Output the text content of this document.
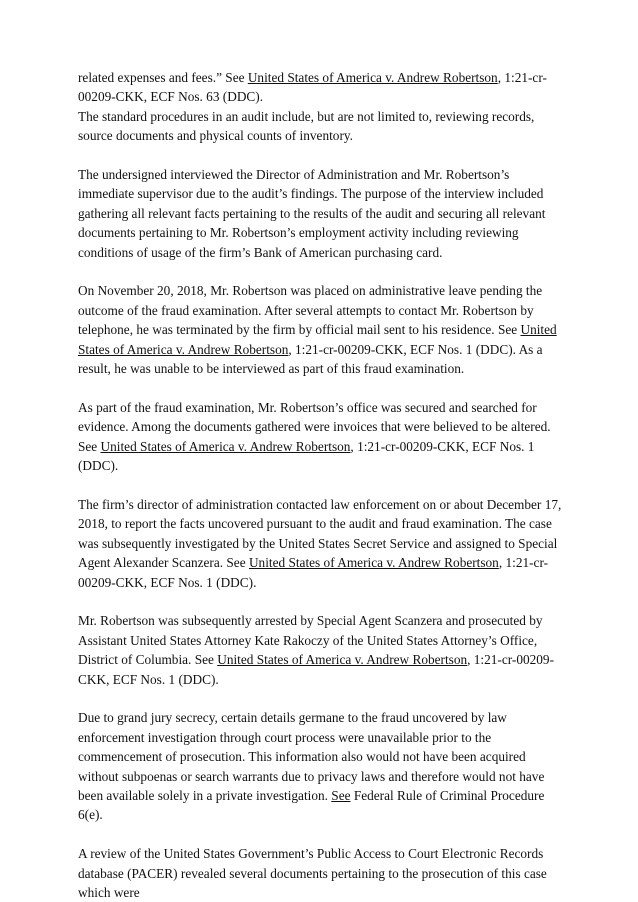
related expenses and fees.” See United States of America v. Andrew Robertson, 1:21-cr-00209-CKK, ECF Nos. 63 (DDC).

The standard procedures in an audit include, but are not limited to, reviewing records, source documents and physical counts of inventory.

The undersigned interviewed the Director of Administration and Mr. Robertson’s immediate supervisor due to the audit’s findings. The purpose of the interview included gathering all relevant facts pertaining to the results of the audit and securing all relevant documents pertaining to Mr. Robertson’s employment activity including reviewing conditions of usage of the firm’s Bank of American purchasing card.

On November 20, 2018, Mr. Robertson was placed on administrative leave pending the outcome of the fraud examination. After several attempts to contact Mr. Robertson by telephone, he was terminated by the firm by official mail sent to his residence. See United States of America v. Andrew Robertson, 1:21-cr-00209-CKK, ECF Nos. 1 (DDC). As a result, he was unable to be interviewed as part of this fraud examination.

As part of the fraud examination, Mr. Robertson’s office was secured and searched for evidence. Among the documents gathered were invoices that were believed to be altered. See United States of America v. Andrew Robertson, 1:21-cr-00209-CKK, ECF Nos. 1 (DDC).

The firm’s director of administration contacted law enforcement on or about December 17, 2018, to report the facts uncovered pursuant to the audit and fraud examination. The case was subsequently investigated by the United States Secret Service and assigned to Special Agent Alexander Scanzera. See United States of America v. Andrew Robertson, 1:21-cr-00209-CKK, ECF Nos. 1 (DDC).

Mr. Robertson was subsequently arrested by Special Agent Scanzera and prosecuted by Assistant United States Attorney Kate Rakoczy of the United States Attorney’s Office, District of Columbia. See United States of America v. Andrew Robertson, 1:21-cr-00209-CKK, ECF Nos. 1 (DDC).

Due to grand jury secrecy, certain details germane to the fraud uncovered by law enforcement investigation through court process were unavailable prior to the commencement of prosecution. This information also would not have been acquired without subpoenas or search warrants due to privacy laws and therefore would not have been available solely in a private investigation. See Federal Rule of Criminal Procedure 6(e).

A review of the United States Government’s Public Access to Court Electronic Records database (PACER) revealed several documents pertaining to the prosecution of this case which were
